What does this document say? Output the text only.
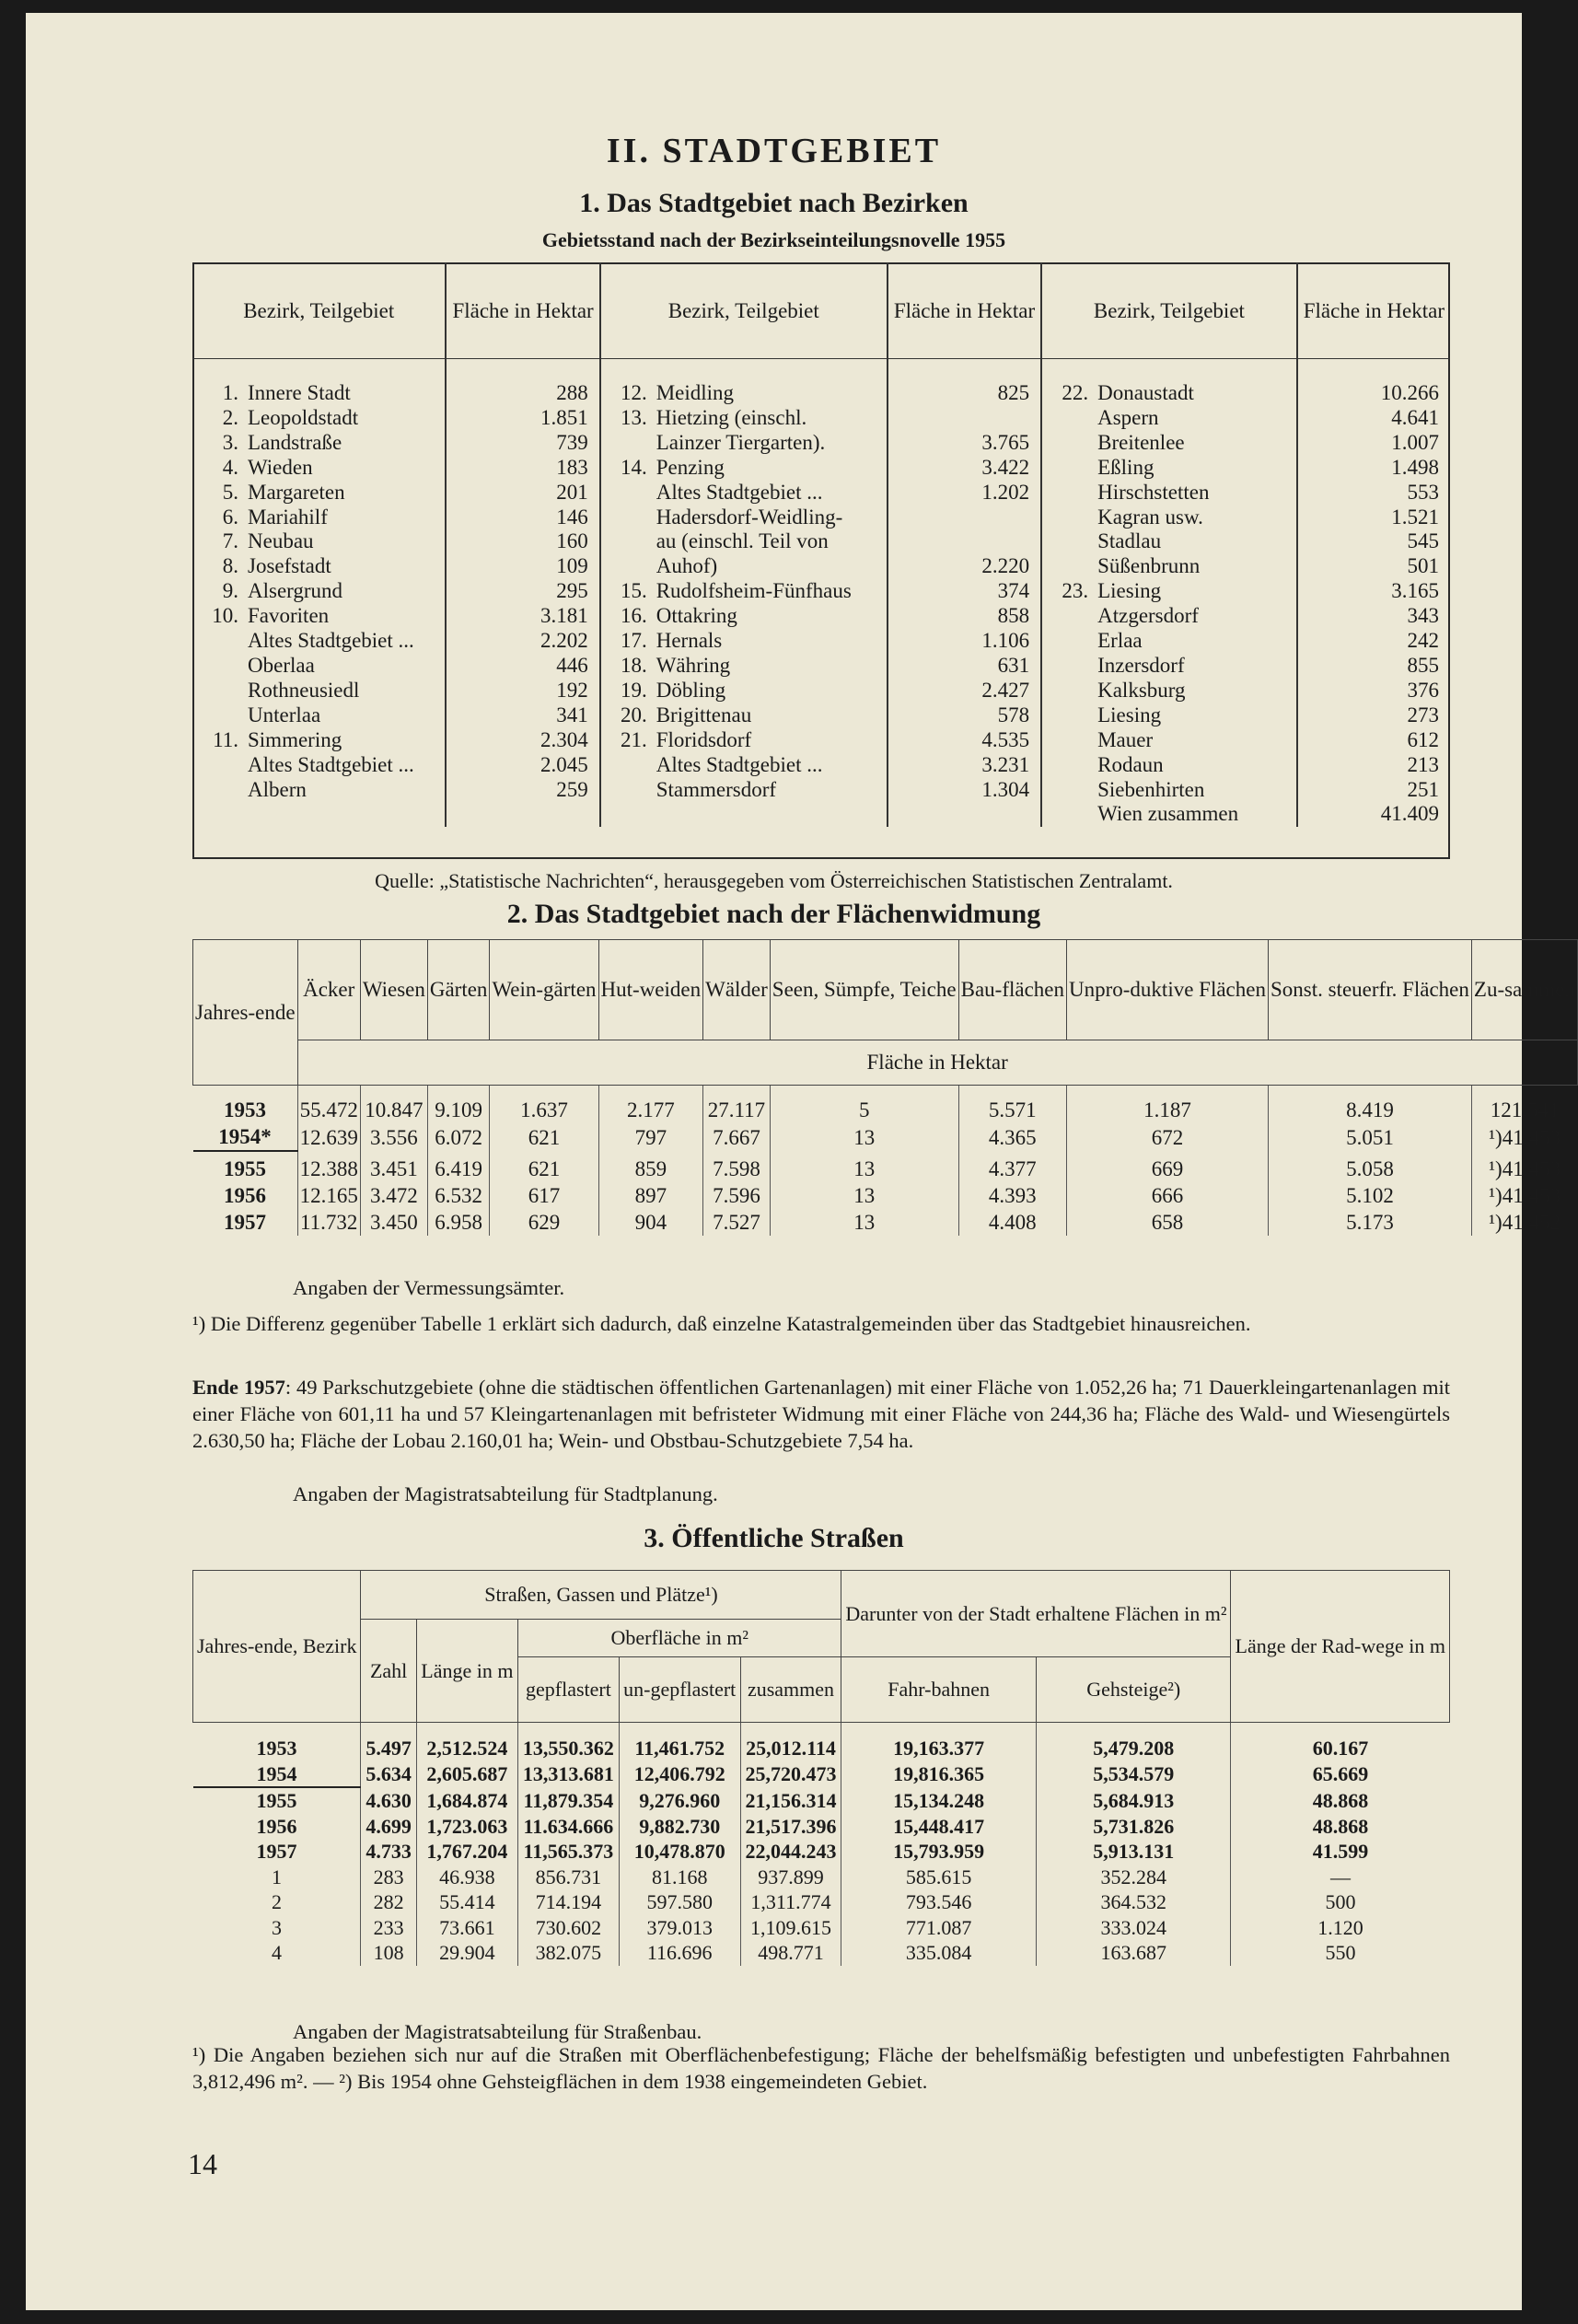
II. STADTGEBIET
1. Das Stadtgebiet nach Bezirken
Gebietsstand nach der Bezirkseinteilungsnovelle 1955
Bezirk, Teilgebiet		Fläche in Hektar	Bezirk, Teilgebiet		Fläche in Hektar	Bezirk, Teilgebiet		Fläche in Hektar

1.	Innere Stadt	288	12.	Meidling	825	22.	Donaustadt	10.266
2.	Leopoldstadt	1.851	13.	Hietzing (einschl.			Aspern	4.641
3.	Landstraße	739		Lainzer Tiergarten).	3.765		Breitenlee	1.007
4.	Wieden	183	14.	Penzing	3.422		Eßling	1.498
5.	Margareten	201		Altes Stadtgebiet ...	1.202		Hirschstetten	553
6.	Mariahilf	146		Hadersdorf-Weidling-			Kagran usw.	1.521
7.	Neubau	160		au (einschl. Teil von			Stadlau	545
8.	Josefstadt	109		Auhof)	2.220		Süßenbrunn	501
9.	Alsergrund	295	15.	Rudolfsheim-Fünfhaus	374	23.	Liesing	3.165
10.	Favoriten	3.181	16.	Ottakring	858		Atzgersdorf	343
	Altes Stadtgebiet ...	2.202	17.	Hernals	1.106		Erlaa	242
	Oberlaa	446	18.	Währing	631		Inzersdorf	855
	Rothneusiedl	192	19.	Döbling	2.427		Kalksburg	376
	Unterlaa	341	20.	Brigittenau	578		Liesing	273
11.	Simmering	2.304	21.	Floridsdorf	4.535		Mauer	612
	Altes Stadtgebiet ...	2.045		Altes Stadtgebiet ...	3.231		Rodaun	213
	Albern	259		Stammersdorf	1.304		Siebenhirten	251
							Wien zusammen	41.409
Quelle: „Statistische Nachrichten“, herausgegeben vom Österreichischen Statistischen Zentralamt.
2. Das Stadtgebiet nach der Flächenwidmung
Jahres-ende	Äcker	Wiesen	Gärten	Wein-gärten	Hut-weiden	Wälder	Seen, Sümpfe, Teiche	Bau-flächen	Unpro-duktive Flächen	Sonst. steuerfr. Flächen	Zu-sammen
	Fläche in Hektar										
1953	55.472	10.847	9.109	1.637	2.177	27.117	5	5.571	1.187	8.419	121.541
1954*	12.639	3.556	6.072	621	797	7.667	13	4.365	672	5.051	¹)41.453
1955	12.388	3.451	6.419	621	859	7.598	13	4.377	669	5.058	¹)41.453
1956	12.165	3.472	6.532	617	897	7.596	13	4.393	666	5.102	¹)41.453
1957	11.732	3.450	6.958	629	904	7.527	13	4.408	658	5.173	¹)41.452
Angaben der Vermessungsämter.
¹) Die Differenz gegenüber Tabelle 1 erklärt sich dadurch, daß einzelne Katastralgemeinden über das Stadtgebiet hinausreichen.
Ende 1957: 49 Parkschutzgebiete (ohne die städtischen öffentlichen Gartenanlagen) mit einer Fläche von 1.052,26 ha; 71 Dauerkleingartenanlagen mit einer Fläche von 601,11 ha und 57 Kleingartenanlagen mit befristeter Widmung mit einer Fläche von 244,36 ha; Fläche des Wald- und Wiesengürtels 2.630,50 ha; Fläche der Lobau 2.160,01 ha; Wein- und Obstbau-Schutzgebiete 7,54 ha.
Angaben der Magistratsabteilung für Stadtplanung.
3. Öffentliche Straßen
Jahres-ende, Bezirk	Straßen, Gassen und Plätze¹)					Darunter von der Stadt erhaltene Flächen in m²		Länge der Rad-wege in m
	Zahl	Länge in m	Oberfläche in m²					
			gepflastert	un-gepflastert	zusammen	Fahr-bahnen	Gehsteige²)	
1953	5.497	2,512.524	13,550.362	11,461.752	25,012.114	19,163.377	5,479.208	60.167
1954	5.634	2,605.687	13,313.681	12,406.792	25,720.473	19,816.365	5,534.579	65.669
1955	4.630	1,684.874	11,879.354	9,276.960	21,156.314	15,134.248	5,684.913	48.868
1956	4.699	1,723.063	11.634.666	9,882.730	21,517.396	15,448.417	5,731.826	48.868
1957	4.733	1,767.204	11,565.373	10,478.870	22,044.243	15,793.959	5,913.131	41.599
1	283	46.938	856.731	81.168	937.899	585.615	352.284	—
2	282	55.414	714.194	597.580	1,311.774	793.546	364.532	500
3	233	73.661	730.602	379.013	1,109.615	771.087	333.024	1.120
4	108	29.904	382.075	116.696	498.771	335.084	163.687	550
Angaben der Magistratsabteilung für Straßenbau.
¹) Die Angaben beziehen sich nur auf die Straßen mit Oberflächenbefestigung; Fläche der behelfsmäßig befestigten und unbefestigten Fahrbahnen 3,812,496 m². — ²) Bis 1954 ohne Gehsteigflächen in dem 1938 eingemeindeten Gebiet.
14
